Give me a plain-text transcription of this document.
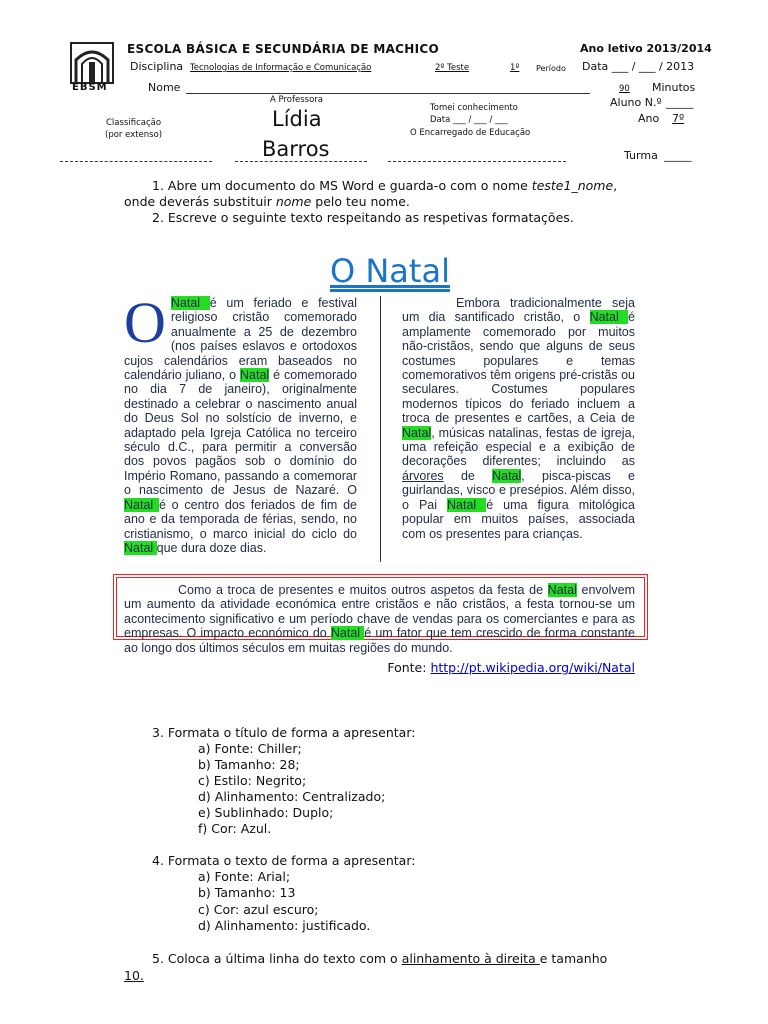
EBSM
ESCOLA BÁSICA E SECUNDÁRIA DE MACHICO	Ano letivo 2013/2014
Disciplina Tecnologias de Informação e Comunicação	2º Teste	1º Período Data ___ / ___ / 2013
Nome	90 Minutos
A Professora
Lídia
Barros
Classificação
(por extenso)
Tomei conhecimento
Data ___ / ___ / ___
O Encarregado de Educação
Aluno N.º _____
Ano 7º
Turma _____
1. Abre um documento do MS Word e guarda-o com o nome teste1_nome,
onde deverás substituir nome pelo teu nome.
2. Escreve o seguinte texto respeitando as respetivas formatações.
O Natal
O Natal é um feriado e festival religioso cristão comemorado anualmente a 25 de dezembro (nos países eslavos e ortodoxos cujos calendários eram baseados no calendário juliano, o Natal é comemorado no dia 7 de janeiro), originalmente destinado a celebrar o nascimento anual do Deus Sol no solstício de inverno, e adaptado pela Igreja Católica no terceiro século d.C., para permitir a conversão dos povos pagãos sob o domínio do Império Romano, passando a comemorar o nascimento de Jesus de Nazaré. O Natal é o centro dos feriados de fim de ano e da temporada de férias, sendo, no cristianismo, o marco inicial do ciclo do Natal que dura doze dias.
Embora tradicionalmente seja um dia santificado cristão, o Natal é amplamente comemorado por muitos não-cristãos, sendo que alguns de seus costumes populares e temas comemorativos têm origens pré-cristãs ou seculares. Costumes populares modernos típicos do feriado incluem a troca de presentes e cartões, a Ceia de Natal, músicas natalinas, festas de igreja, uma refeição especial e a exibição de decorações diferentes; incluindo as árvores de Natal, pisca-piscas e guirlandas, visco e presépios. Além disso, o Pai Natal é uma figura mitológica popular em muitos países, associada com os presentes para crianças.
Como a troca de presentes e muitos outros aspetos da festa de Natal envolvem um aumento da atividade económica entre cristãos e não cristãos, a festa tornou-se um acontecimento significativo e um período chave de vendas para os comerciantes e para as empresas. O impacto económico do Natal é um fator que tem crescido de forma constante ao longo dos últimos séculos em muitas regiões do mundo.
Fonte: http://pt.wikipedia.org/wiki/Natal
3. Formata o título de forma a apresentar:
a) Fonte: Chiller;
b) Tamanho: 28;
c) Estilo: Negrito;
d) Alinhamento: Centralizado;
e) Sublinhado: Duplo;
f) Cor: Azul.
4. Formata o texto de forma a apresentar:
a) Fonte: Arial;
b) Tamanho: 13
c) Cor: azul escuro;
d) Alinhamento: justificado.
5. Coloca a última linha do texto com o alinhamento à direita e tamanho
10.
